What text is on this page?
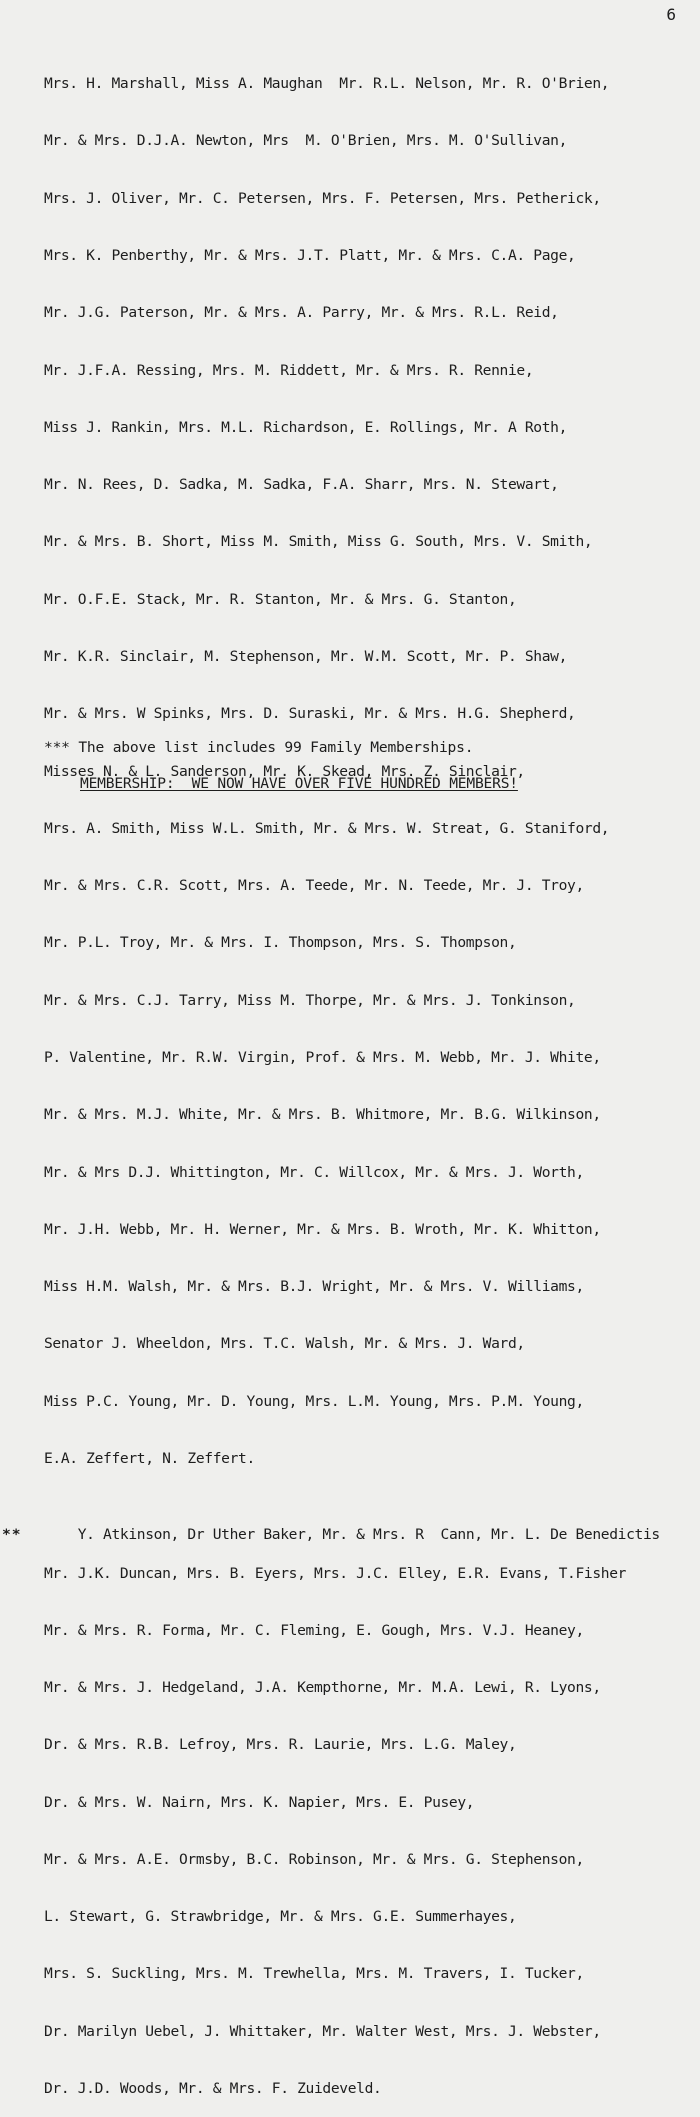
6

Mrs. H. Marshall, Miss A. Maughan  Mr. R.L. Nelson, Mr. R. O'Brien,

Mr. & Mrs. D.J.A. Newton, Mrs  M. O'Brien, Mrs. M. O'Sullivan,

Mrs. J. Oliver, Mr. C. Petersen, Mrs. F. Petersen, Mrs. Petherick,

Mrs. K. Penberthy, Mr. & Mrs. J.T. Platt, Mr. & Mrs. C.A. Page,

Mr. J.G. Paterson, Mr. & Mrs. A. Parry, Mr. & Mrs. R.L. Reid,

Mr. J.F.A. Ressing, Mrs. M. Riddett, Mr. & Mrs. R. Rennie,

Miss J. Rankin, Mrs. M.L. Richardson, E. Rollings, Mr. A Roth,

Mr. N. Rees, D. Sadka, M. Sadka, F.A. Sharr, Mrs. N. Stewart,

Mr. & Mrs. B. Short, Miss M. Smith, Miss G. South, Mrs. V. Smith,

Mr. O.F.E. Stack, Mr. R. Stanton, Mr. & Mrs. G. Stanton,

Mr. K.R. Sinclair, M. Stephenson, Mr. W.M. Scott, Mr. P. Shaw,

Mr. & Mrs. W Spinks, Mrs. D. Suraski, Mr. & Mrs. H.G. Shepherd,

Misses N. & L. Sanderson, Mr. K. Skead, Mrs. Z. Sinclair,

Mrs. A. Smith, Miss W.L. Smith, Mr. & Mrs. W. Streat, G. Staniford,

Mr. & Mrs. C.R. Scott, Mrs. A. Teede, Mr. N. Teede, Mr. J. Troy,

Mr. P.L. Troy, Mr. & Mrs. I. Thompson, Mrs. S. Thompson,

Mr. & Mrs. C.J. Tarry, Miss M. Thorpe, Mr. & Mrs. J. Tonkinson,

P. Valentine, Mr. R.W. Virgin, Prof. & Mrs. M. Webb, Mr. J. White,

Mr. & Mrs. M.J. White, Mr. & Mrs. B. Whitmore, Mr. B.G. Wilkinson,

Mr. & Mrs D.J. Whittington, Mr. C. Willcox, Mr. & Mrs. J. Worth,

Mr. J.H. Webb, Mr. H. Werner, Mr. & Mrs. B. Wroth, Mr. K. Whitton,

Miss H.M. Walsh, Mr. & Mrs. B.J. Wright, Mr. & Mrs. V. Williams,

Senator J. Wheeldon, Mrs. T.C. Walsh, Mr. & Mrs. J. Ward,

Miss P.C. Young, Mr. D. Young, Mrs. L.M. Young, Mrs. P.M. Young,

E.A. Zeffert, N. Zeffert.

**	Y. Atkinson, Dr Uther Baker, Mr. & Mrs. R  Cann, Mr. L. De Benedictis

Mr. J.K. Duncan, Mrs. B. Eyers, Mrs. J.C. Elley, E.R. Evans, T.Fisher

Mr. & Mrs. R. Forma, Mr. C. Fleming, E. Gough, Mrs. V.J. Heaney,

Mr. & Mrs. J. Hedgeland, J.A. Kempthorne, Mr. M.A. Lewi, R. Lyons,

Dr. & Mrs. R.B. Lefroy, Mrs. R. Laurie, Mrs. L.G. Maley,

Dr. & Mrs. W. Nairn, Mrs. K. Napier, Mrs. E. Pusey,

Mr. & Mrs. A.E. Ormsby, B.C. Robinson, Mr. & Mrs. G. Stephenson,

L. Stewart, G. Strawbridge, Mr. & Mrs. G.E. Summerhayes,

Mrs. S. Suckling, Mrs. M. Trewhella, Mrs. M. Travers, I. Tucker,

Dr. Marilyn Uebel, J. Whittaker, Mr. Walter West, Mrs. J. Webster,

Dr. J.D. Woods, Mr. & Mrs. F. Zuideveld.

*** The above list includes 99 Family Memberships.
MEMBERSHIP:  WE NOW HAVE OVER FIVE HUNDRED MEMBERS!
